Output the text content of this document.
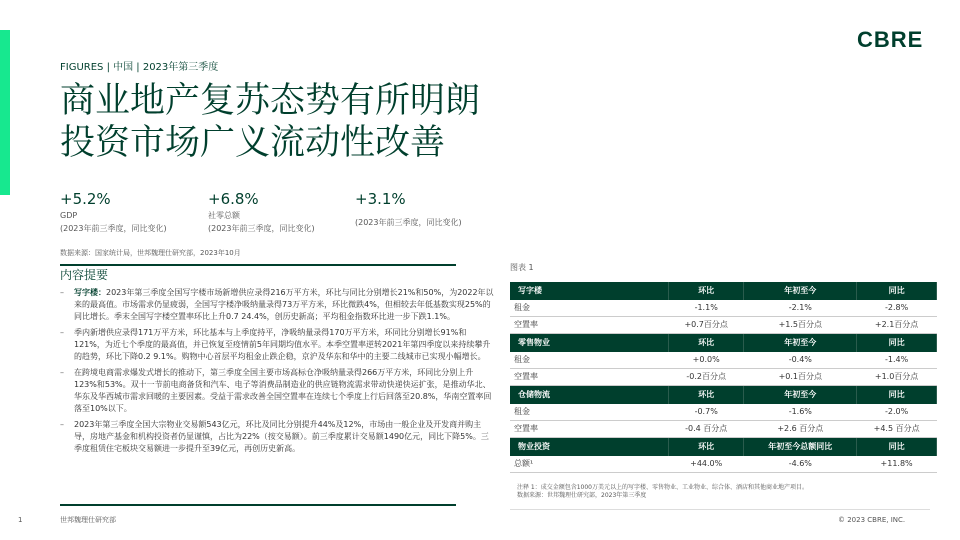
CBRE
FIGURES | 中国 | 2023年第三季度
商业地产复苏态势有所明朗
投资市场广义流动性改善
+5.2%
GDP
(2023年前三季度，同比变化)
+6.8%
社零总额
(2023年前三季度，同比变化)
+3.1%
(2023年前三季度，同比变化)
数据来源：国家统计局，世邦魏理仕研究部，2023年10月
内容提要
–	写字楼：2023年第三季度全国写字楼市场新增供应录得216万平方米，环比与同比分别增长21%和50%，为2022年以来的最高值。市场需求仍显疲弱，全国写字楼净吸纳量录得73万平方米，环比微跌4%，但相较去年低基数实现25%的同比增长。季末全国写字楼空置率环比上升0.7 24.4%，创历史新高；平均租金指数环比进一步下跌1.1%。
–	季内新增供应录得171万平方米，环比基本与上季度持平，净吸纳量录得170万平方米，环同比分别增长91%和121%，为近七个季度的最高值，并已恢复至疫情前5年同期均值水平。本季空置率逆转2021年第四季度以来持续攀升的趋势，环比下降0.2 9.1%。购物中心首层平均租金止跌企稳，京沪及华东和华中的主要二线城市已实现小幅增长。
–	在跨境电商需求爆发式增长的推动下，第三季度全国主要市场高标仓净吸纳量录得266万平方米，环同比分别上升123%和53%。双十一节前电商备货和汽车、电子等消费品制造业的供应链物流需求带动快递快运扩张，是推动华北、华东及华西城市需求回暖的主要因素。受益于需求改善全国空置率在连续七个季度上行后回落至20.8%，华南空置率回落至10%以下。
–	2023年第三季度全国大宗物业交易额543亿元，环比及同比分别提升44%及12%，市场由一般企业及开发商并购主导，房地产基金和机构投资者仍显谨慎，占比为22%（按交易额）。前三季度累计交易额1490亿元，同比下降5%。三季度租赁住宅板块交易额进一步提升至39亿元，再创历史新高。
图表 1
写字楼	环比	年初至今	同比
租金	-1.1%	-2.1%	-2.8%
空置率	+0.7百分点	+1.5百分点	+2.1百分点
零售物业	环比	年初至今	同比
租金	+0.0%	-0.4%	-1.4%
空置率	-0.2百分点	+0.1百分点	+1.0百分点
仓储物流	环比	年初至今	同比
租金	-0.7%	-1.6%	-2.0%
空置率	-0.4 百分点	+2.6 百分点	+4.5 百分点
物业投资	环比	年初至今总额同比	同比
总额¹	+44.0%	-4.6%	+11.8%
注释 1：成交金额包含1000万美元以上的写字楼、零售物业、工业物业、综合体、酒店和其他商业地产项目。
数据来源：世邦魏理仕研究部，2023年第三季度
1	世邦魏理仕研究部	© 2023 CBRE, INC.
